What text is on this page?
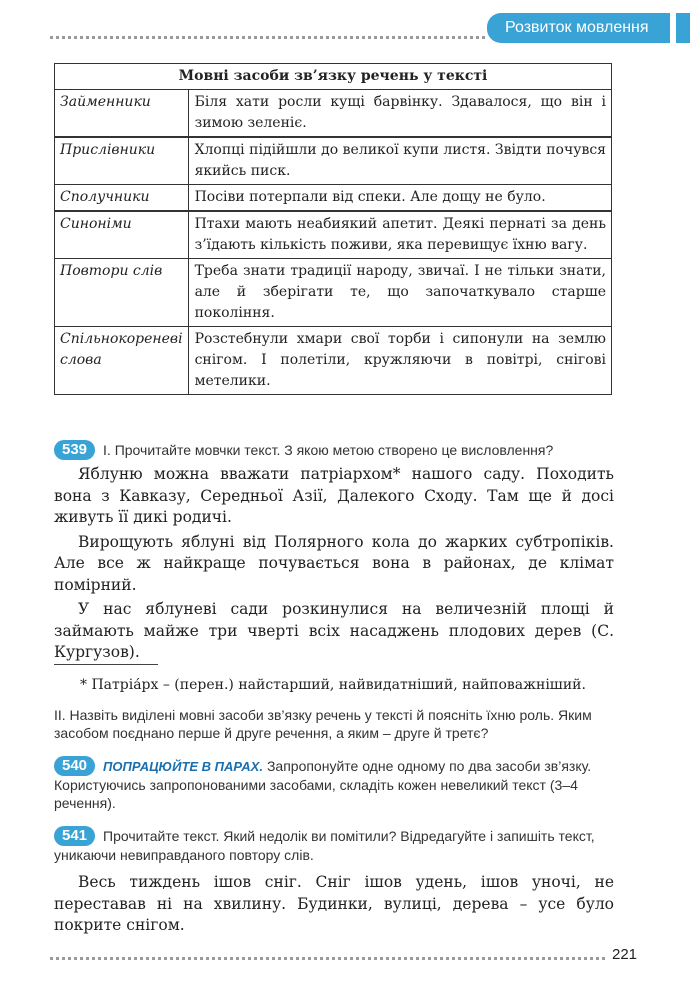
Розвиток мовлення
Мовні засоби зв’язку речень у тексті	
Займенники	Біля хати росли кущі барвінку. Здавалося, що він і зимою зеленіє.
Прислівники	Хлопці підійшли до великої купи листя. Звідти почувся якийсь писк.
Сполучники	Посіви потерпали від спеки. Але дощу не було.
Синоніми	Птахи мають неабиякий апетит. Деякі пернаті за день з’їдають кількість поживи, яка перевищує їхню вагу.
Повтори слів	Треба знати традиції народу, звичаї. І не тільки знати, але й зберігати те, що започаткувало старше покоління.
Спільнокореневі слова	Розстебнули хмари свої торби і сипонули на землю снігом. І полетіли, кружляючи в повітрі, снігові метелики.
539 I. Прочитайте мовчки текст. З якою метою створено це висловлення?

Яблуню можна вважати патріархом* нашого саду. Походить вона з Кавказу, Середньої Азії, Далекого Сходу. Там ще й досі живуть її дикі родичі.

Вирощують яблуні від Полярного кола до жарких субтропіків. Але все ж найкраще почувається вона в районах, де клімат помірний.

У нас яблуневі сади розкинулися на величезній площі й займають майже три чверті всіх насаджень плодових дерев (С. Кургузов).

* Патріа́рх – (перен.) найстарший, найвидатніший, найповажніший.
II. Назвіть виділені мовні засоби зв’язку речень у тексті й поясніть їхню роль. Яким засобом поєднано перше й друге речення, а яким – друге й третє?
540 ПОПРАЦЮЙТЕ В ПАРАХ. Запропонуйте одне одному по два засоби зв’язку. Користуючись запропонованими засобами, складіть кожен невеликий текст (3–4 речення).
541 Прочитайте текст. Який недолік ви помітили? Відредагуйте і запишіть текст, уникаючи невиправданого повтору слів.

Весь тиждень ішов сніг. Сніг ішов удень, ішов уночі, не переставав ні на хвилину. Будинки, вулиці, дерева – усе було покрите снігом.

221
